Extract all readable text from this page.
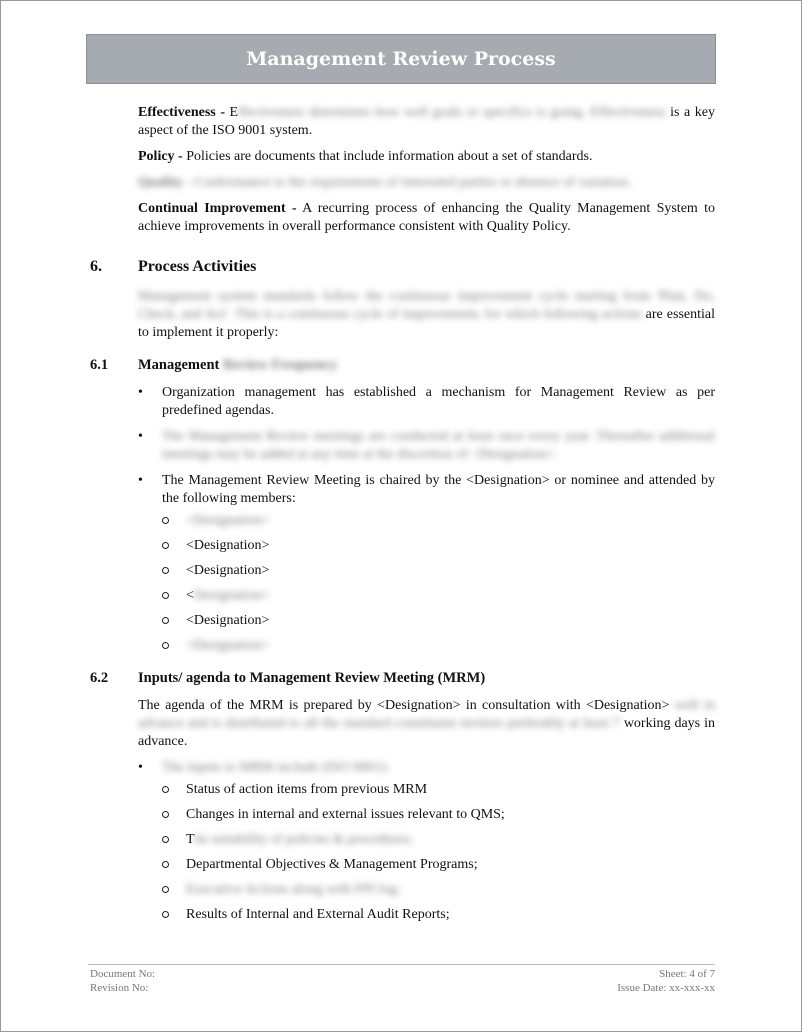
Management Review Process

Effectiveness - Effectiveness determines how well goals or specifics is going. Effectiveness is a key aspect of the ISO 9001 system.

Policy - Policies are documents that include information about a set of standards.

Quality - Conformance to the requirements of interested parties or absence of variation.

Continual Improvement - A recurring process of enhancing the Quality Management System to achieve improvements in overall performance consistent with Quality Policy.

6. Process Activities

Management system standards follow the continuous improvement cycle starting from 'Plan, Do, Check, and Act'. This is a continuous cycle of improvement, for which following actions are essential to implement it properly:

6.1 Management Review Frequency
• Organization management has established a mechanism for Management Review as per predefined agendas.
• The Management Review meetings are conducted at least once every year. Thereafter additional meetings may be added at any time at the discretion of <Designation>.
• The Management Review Meeting is chaired by the <Designation> or nominee and attended by the following members:
<Designation>
<Designation>
<Designation>
<Designation>
<Designation>
<Designation>
6.2 Inputs/ agenda to Management Review Meeting (MRM)

The agenda of the MRM is prepared by <Designation> in consultation with <Designation> well in advance and is distributed to all the standard constituent invitees preferably at least 7 working days in advance.

• The inputs to MRM include (ISO 9001):
Status of action items from previous MRM
Changes in internal and external issues relevant to QMS;
The suitability of policies & procedures;
Departmental Objectives & Management Programs;
Executive Actions along with FPI log;
Results of Internal and External Audit Reports;
Document No:	Sheet: 4 of 7
Revision No:	Issue Date: xx-xxx-xx
